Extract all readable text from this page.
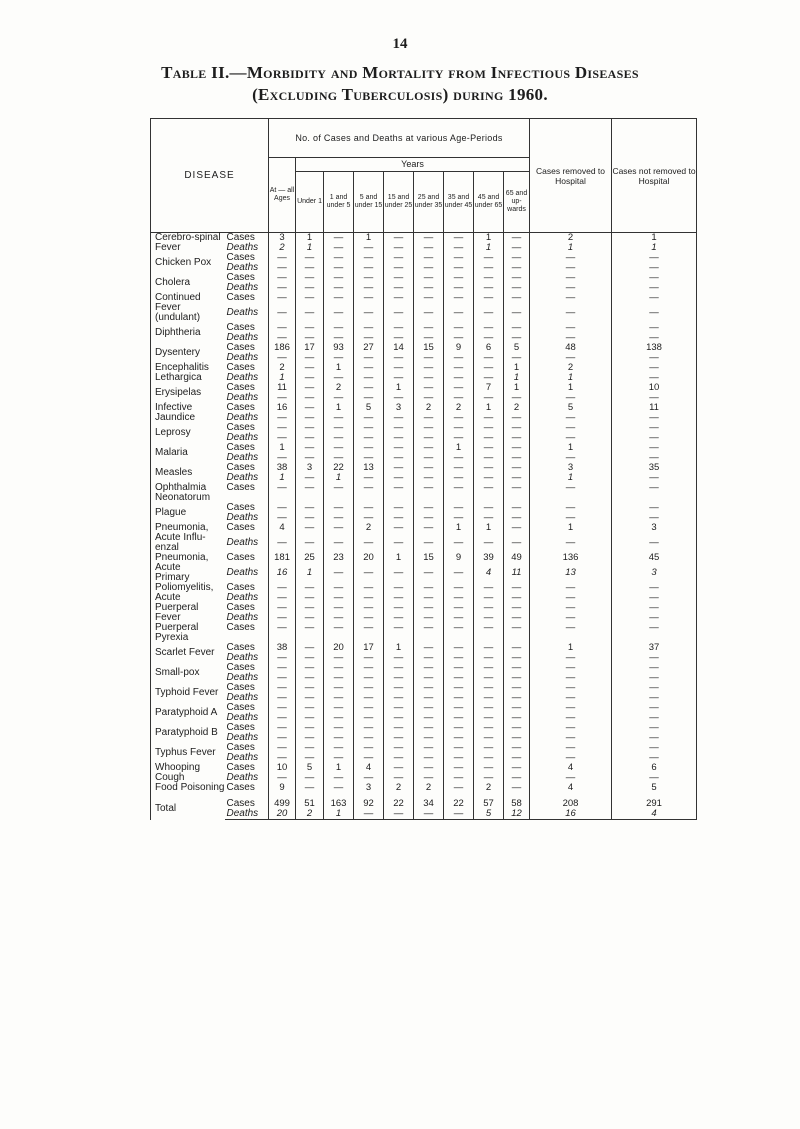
14
Table II.—Morbidity and Mortality from Infectious Diseases
(Excluding Tuberculosis) during 1960.
DISEASE		No. of Cases and Deaths at various Age-Periods									Cases removed to Hospital	Cases not removed to Hospital
		At — all Ages	Years									
			Under 1	1 and under 5	5 and under 15	15 and under 25	25 and under 35	35 and under 45	45 and under 65	65 and up-wards		

Cerebro-spinal
Fever	Cases	3	1	—	1	—	—	—	1	—	2	1
	Deaths	2	1	—	—	—	—	—	1	—	1	1

Chicken Pox	Cases	—	—	—	—	—	—	—	—	—	—	—
	Deaths	—	—	—	—	—	—	—	—	—	—	—

Cholera	Cases	—	—	—	—	—	—	—	—	—	—	—
	Deaths	—	—	—	—	—	—	—	—	—	—	—

Continued
Fever
(undulant)	Cases	—	—	—	—	—	—	—	—	—	—	—
	Deaths	—	—	—	—	—	—	—	—	—	—	—

Diphtheria	Cases	—	—	—	—	—	—	—	—	—	—	—
	Deaths	—	—	—	—	—	—	—	—	—	—	—

Dysentery	Cases	186	17	93	27	14	15	9	6	5	48	138
	Deaths	—	—	—	—	—	—	—	—	—	—	—

Encephalitis
Lethargica	Cases	2	—	1	—	—	—	—	—	1	2	—
	Deaths	1	—	—	—	—	—	—	—	1	1	—

Erysipelas	Cases	11	—	2	—	1	—	—	7	1	1	10
	Deaths	—	—	—	—	—	—	—	—	—	—	—

Infective
Jaundice	Cases	16	—	1	5	3	2	2	1	2	5	11
	Deaths	—	—	—	—	—	—	—	—	—	—	—

Leprosy	Cases	—	—	—	—	—	—	—	—	—	—	—
	Deaths	—	—	—	—	—	—	—	—	—	—	—

Malaria	Cases	1	—	—	—	—	—	1	—	—	1	—
	Deaths	—	—	—	—	—	—	—	—	—	—	—

Measles	Cases	38	3	22	13	—	—	—	—	—	3	35
	Deaths	1	—	1	—	—	—	—	—	—	1	—

Ophthalmia
Neonatorum	Cases	—	—	—	—	—	—	—	—	—	—	—

Plague	Cases	—	—	—	—	—	—	—	—	—	—	—
	Deaths	—	—	—	—	—	—	—	—	—	—	—

Pneumonia,
Acute Influ-
enzal	Cases	4	—	—	2	—	—	1	1	—	1	3
	Deaths	—	—	—	—	—	—	—	—	—	—	—

Pneumonia,
Acute
Primary	Cases	181	25	23	20	1	15	9	39	49	136	45
	Deaths	16	1	—	—	—	—	—	4	11	13	3

Poliomyelitis,
Acute	Cases	—	—	—	—	—	—	—	—	—	—	—
	Deaths	—	—	—	—	—	—	—	—	—	—	—

Puerperal
Fever	Cases	—	—	—	—	—	—	—	—	—	—	—
	Deaths	—	—	—	—	—	—	—	—	—	—	—

Puerperal
Pyrexia	Cases	—	—	—	—	—	—	—	—	—	—	—

Scarlet Fever	Cases	38	—	20	17	1	—	—	—	—	1	37
	Deaths	—	—	—	—	—	—	—	—	—	—	—

Small-pox	Cases	—	—	—	—	—	—	—	—	—	—	—
	Deaths	—	—	—	—	—	—	—	—	—	—	—

Typhoid Fever	Cases	—	—	—	—	—	—	—	—	—	—	—
	Deaths	—	—	—	—	—	—	—	—	—	—	—

Paratyphoid A	Cases	—	—	—	—	—	—	—	—	—	—	—
	Deaths	—	—	—	—	—	—	—	—	—	—	—

Paratyphoid B	Cases	—	—	—	—	—	—	—	—	—	—	—
	Deaths	—	—	—	—	—	—	—	—	—	—	—

Typhus Fever	Cases	—	—	—	—	—	—	—	—	—	—	—
	Deaths	—	—	—	—	—	—	—	—	—	—	—

Whooping
Cough	Cases	10	5	1	4	—	—	—	—	—	4	6
	Deaths	—	—	—	—	—	—	—	—	—	—	—

Food Poisoning	Cases	9	—	—	3	2	2	—	2	—	4	5

Total	Cases	499	51	163	92	22	34	22	57	58	208	291
	Deaths	20	2	1	—	—	—	—	5	12	16	4
